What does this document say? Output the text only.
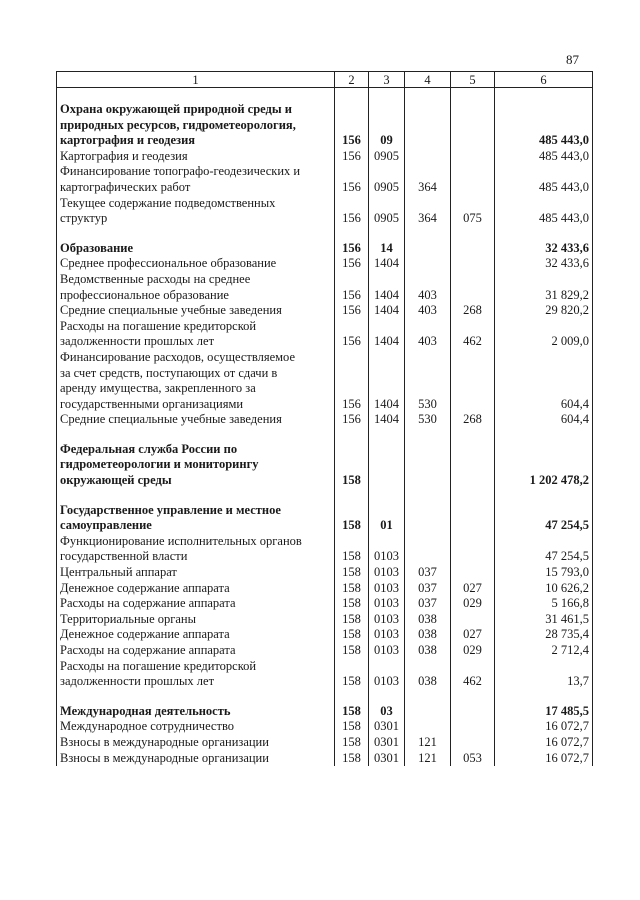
87
1	2	3	4	5	6

Охрана окружающей природной среды и
природных ресурсов, гидрометеорология,
картография и геодезия	156	09			485 443,0

Картография и геодезия	156	0905			485 443,0

Финансирование топографо-геодезических и
картографических работ	156	0905	364		485 443,0

Текущее содержание подведомственных
структур	156	0905	364	075	485 443,0

Образование	156	14			32 433,6

Среднее профессиональное образование	156	1404			32 433,6

Ведомственные расходы на среднее
профессиональное образование	156	1404	403		31 829,2

Средние специальные учебные заведения	156	1404	403	268	29 820,2

Расходы на погашение кредиторской
задолженности прошлых лет	156	1404	403	462	2 009,0

Финансирование расходов, осуществляемое
за счет средств, поступающих от сдачи в
аренду имущества, закрепленного за
государственными организациями	156	1404	530		604,4

Средние специальные учебные заведения	156	1404	530	268	604,4

Федеральная служба России по
гидрометеорологии и мониторингу
окружающей среды	158				1 202 478,2

Государственное управление и местное
самоуправление	158	01			47 254,5

Функционирование исполнительных органов
государственной власти	158	0103			47 254,5

Центральный аппарат	158	0103	037		15 793,0

Денежное содержание аппарата	158	0103	037	027	10 626,2

Расходы на содержание аппарата	158	0103	037	029	5 166,8

Территориальные органы	158	0103	038		31 461,5

Денежное содержание аппарата	158	0103	038	027	28 735,4

Расходы на содержание аппарата	158	0103	038	029	2 712,4

Расходы на погашение кредиторской
задолженности прошлых лет	158	0103	038	462	13,7

Международная деятельность	158	03			17 485,5

Международное сотрудничество	158	0301			16 072,7

Взносы в международные организации	158	0301	121		16 072,7

Взносы в международные организации	158	0301	121	053	16 072,7
